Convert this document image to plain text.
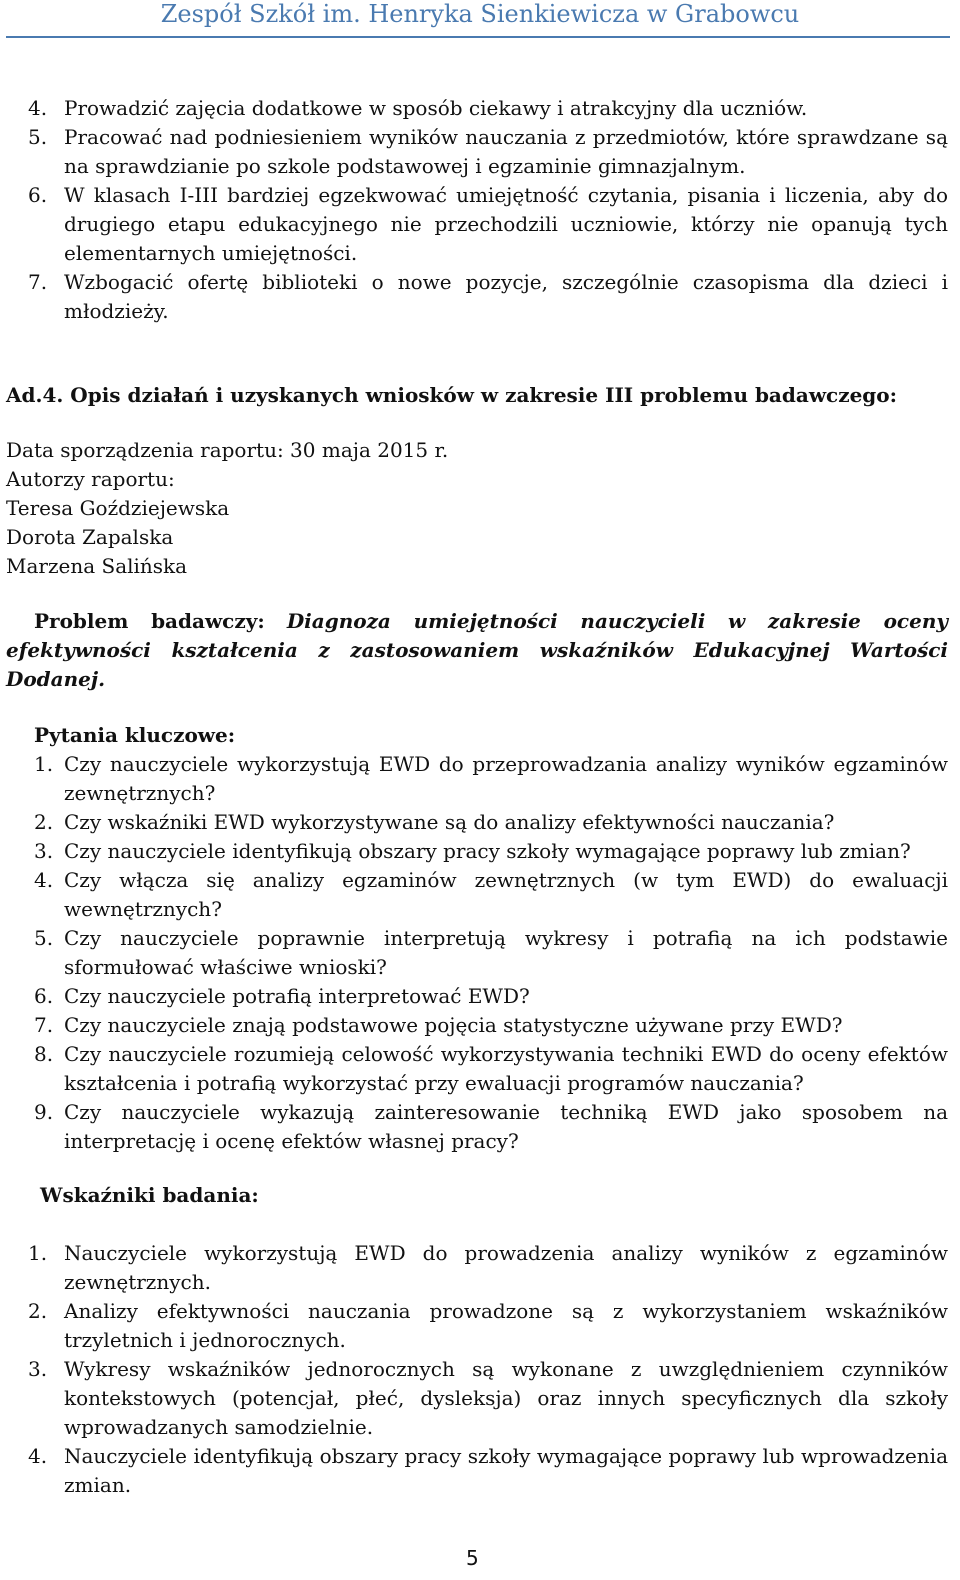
Zespół Szkół im. Henryka Sienkiewicza w Grabowcu
4. Prowadzić zajęcia dodatkowe w sposób ciekawy i atrakcyjny dla uczniów.
5. Pracować nad podniesieniem wyników nauczania z przedmiotów, które sprawdzane są na sprawdzianie po szkole podstawowej i egzaminie gimnazjalnym.
6. W klasach I-III bardziej egzekwować umiejętność czytania, pisania i liczenia, aby do drugiego etapu edukacyjnego nie przechodzili uczniowie, którzy nie opanują tych elementarnych umiejętności.
7. Wzbogacić ofertę biblioteki o nowe pozycje, szczególnie czasopisma dla dzieci i młodzieży.
Ad.4. Opis działań i uzyskanych wniosków w zakresie III problemu badawczego:
Data sporządzenia raportu: 30 maja 2015 r.
Autorzy raportu:
Teresa Goździejewska
Dorota Zapalska
Marzena Salińska
Problem badawczy: Diagnoza umiejętności nauczycieli w zakresie oceny efektywności kształcenia z zastosowaniem wskaźników Edukacyjnej Wartości Dodanej.
Pytania kluczowe:
1. Czy nauczyciele wykorzystują EWD do przeprowadzania analizy wyników egzaminów zewnętrznych?
2. Czy wskaźniki EWD wykorzystywane są do analizy efektywności nauczania?
3. Czy nauczyciele identyfikują obszary pracy szkoły wymagające poprawy lub zmian?
4. Czy włącza się analizy egzaminów zewnętrznych (w tym EWD) do ewaluacji wewnętrznych?
5. Czy nauczyciele poprawnie interpretują wykresy i potrafią na ich podstawie sformułować właściwe wnioski?
6. Czy nauczyciele potrafią interpretować EWD?
7. Czy nauczyciele znają podstawowe pojęcia statystyczne używane przy EWD?
8. Czy nauczyciele rozumieją celowość wykorzystywania techniki EWD do oceny efektów kształcenia i potrafią wykorzystać przy ewaluacji programów nauczania?
9. Czy nauczyciele wykazują zainteresowanie techniką EWD jako sposobem na interpretację i ocenę efektów własnej pracy?
Wskaźniki badania:
1. Nauczyciele wykorzystują EWD do prowadzenia analizy wyników z egzaminów zewnętrznych.
2. Analizy efektywności nauczania prowadzone są z wykorzystaniem wskaźników trzyletnich i jednorocznych.
3. Wykresy wskaźników jednorocznych są wykonane z uwzględnieniem czynników kontekstowych (potencjał, płeć, dysleksja) oraz innych specyficznych dla szkoły wprowadzanych samodzielnie.
4. Nauczyciele identyfikują obszary pracy szkoły wymagające poprawy lub wprowadzenia zmian.
5
